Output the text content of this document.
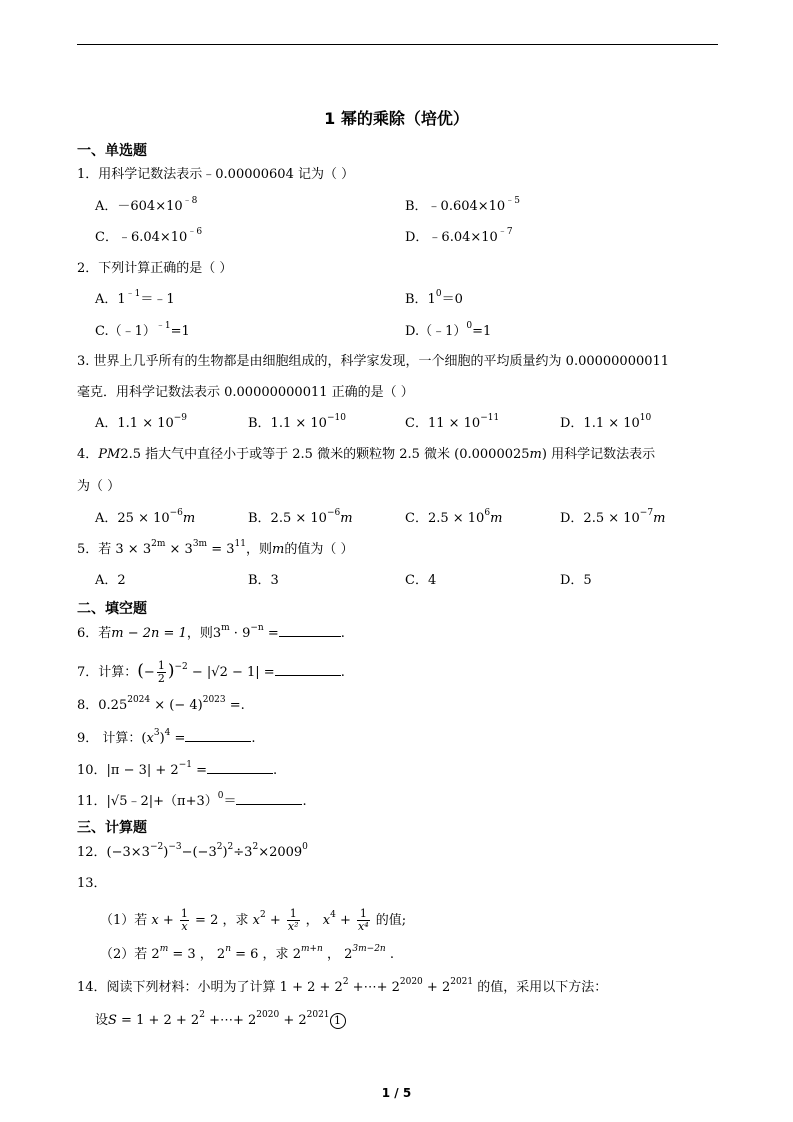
1 幂的乘除（培优）
一、单选题
1．用科学记数法表示﹣0.00000604 记为（ ）
A．$-604\times 10^{﹣8}$	B．$﹣0.604\times 10^{﹣5}$
C．$﹣6.04\times 10^{﹣6}$	D．$﹣6.04\times 10^{﹣7}$
2．下列计算正确的是（ ）
A．$1^{﹣1}=﹣1$	B．$1^0=0$
C.（﹣1）$^{﹣1}$=1	D.（﹣1）$^0$=1
3. 世界上几乎所有的生物都是由细胞组成的，科学家发现，一个细胞的平均质量约为 0.00000000011
毫克．用科学记数法表示 0.00000000011 正确的是（ ）
A．$1.1 \times 10^{-9}$	B．$1.1 \times 10^{-10}$	C．$11 \times 10^{-11}$	D．$1.1 \times 10^{10}$
4．PM2.5 指大气中直径小于或等于 2.5 微米的颗粒物 2.5 微米 (0.0000025m) 用科学记数法表示
为（ ）
A．$25 \times 10^{-6}m$	B．$2.5 \times 10^{-6}m$	C．$2.5 \times 10^6m$	D．$2.5 \times 10^{-7}m$
5．若 $3 \times 3^{2m} \times 3^{3m} = 3^{11}$，则m的值为（ ）
A．2	B．3	C．4	D．5
二、填空题
6．若m − 2n = 1，则$3^m \cdot 9^{-n}$ =	.
7．计算：(− $\frac{1}{2} )^{-2} - |√2 - 1|$ =	.
8．$0.25^{2024}$ × (− 4)$^{2023}$ =.
9． 计算：$(x^3)^4$ =	.
10．$|\pi - 3| + 2^{-1}$ =	.
11．$|√5﹣2|+(\pi+3)^0=$	.
三、计算题
12．$(-3\times 3^{-2})^{-3}-(-3^2)^2\div 3^2\times 2009^0$
13．
（1）若 $x + \frac{1}{x} = 2$ ，求 $x^2 + \frac{1}{\text{x²}}$ ， $x^4 + \frac{1}{\text{x⁴}}$ 的值;
（2）若 $2^m = 3$ ， $2^n = 6$ ，求 $2^{m+n}$ ， $2^{3m-2n}$ .
14．阅读下列材料：小明为了计算 $1 + 2 + 2^2$ +⋯+ $2^{2020} + 2^{2021}$ 的值，采用以下方法：
设$S = 1 + 2 + 2^2$ +⋯+ $2^{2020} + 2^{2021}$ 1
1 / 5
